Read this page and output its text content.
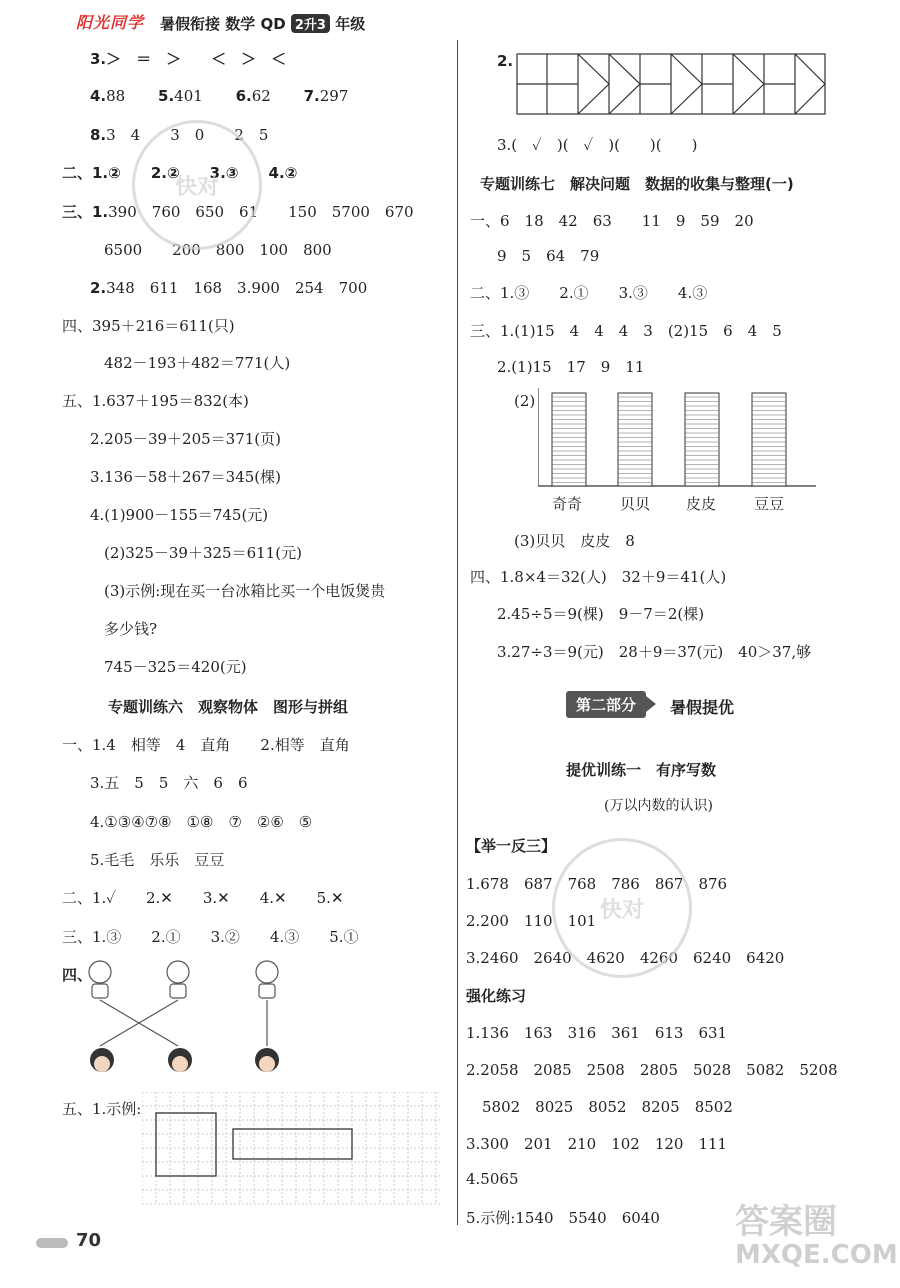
阳光同学 暑假衔接 数学 QD 2升3 年级
3.＞　＝　＞　　＜　＞　＜
4.88 5.401 6.62 7.297
8.3　4　　3　0　　2　5
二、1.②　　2.②　　3.③　　4.②
三、1.390　760　650　61　　150　5700　670
6500　　200　800　100　800
2.348　611　168　3.900　254　700
四、395＋216＝611(只)
482－193＋482＝771(人)
五、1.637＋195＝832(本)
2.205－39＋205＝371(页)
3.136－58＋267＝345(棵)
4.(1)900－155＝745(元)
(2)325－39＋325＝611(元)
(3)示例:现在买一台冰箱比买一个电饭煲贵
多少钱?
745－325＝420(元)
专题训练六　观察物体　图形与拼组
一、1.4　相等　4　直角　　2.相等　直角
3.五　5　5　六　6　6
4.①③④⑦⑧　①⑧　⑦　②⑥　⑤
5.毛毛　乐乐　豆豆
二、1.✓　　2.✕　　3.✕　　4.✕　　5.✕
三、1.③　　2.①　　3.②　　4.③　　5.①
四、
五、1.示例:
2.
3.(　✓　)(　✓　)(　　)(　　)
专题训练七　解决问题　数据的收集与整理(一)
一、6　18　42　63　　11　9　59　20
9　5　64　79
二、1.③　　2.①　　3.③　　4.③
三、1.(1)15　4　4　4　3　(2)15　6　4　5
2.(1)15　17　9　11
(2)
奇奇	贝贝 皮皮	豆豆
(3)贝贝　皮皮　8
四、1.8×4＝32(人)　32＋9＝41(人)
2.45÷5＝9(棵)　9－7＝2(棵)
3.27÷3＝9(元)　28＋9＝37(元)　40＞37,够
第二部分	暑假提优
提优训练一　有序写数
(万以内数的认识)
【举一反三】
1.678　687　768　786　867　876
2.200　110　101
3.2460　2640　4620　4260　6240　6420
强化练习
1.136　163　316　361　613　631
2.2058　2085　2508　2805　5028　5082　5208
5802　8025　8052　8205　8502
3.300　201　210　102　120　111
4.5065
5.示例:1540　5540　6040
快对
快对
答案圈
MXQE.COM
70
